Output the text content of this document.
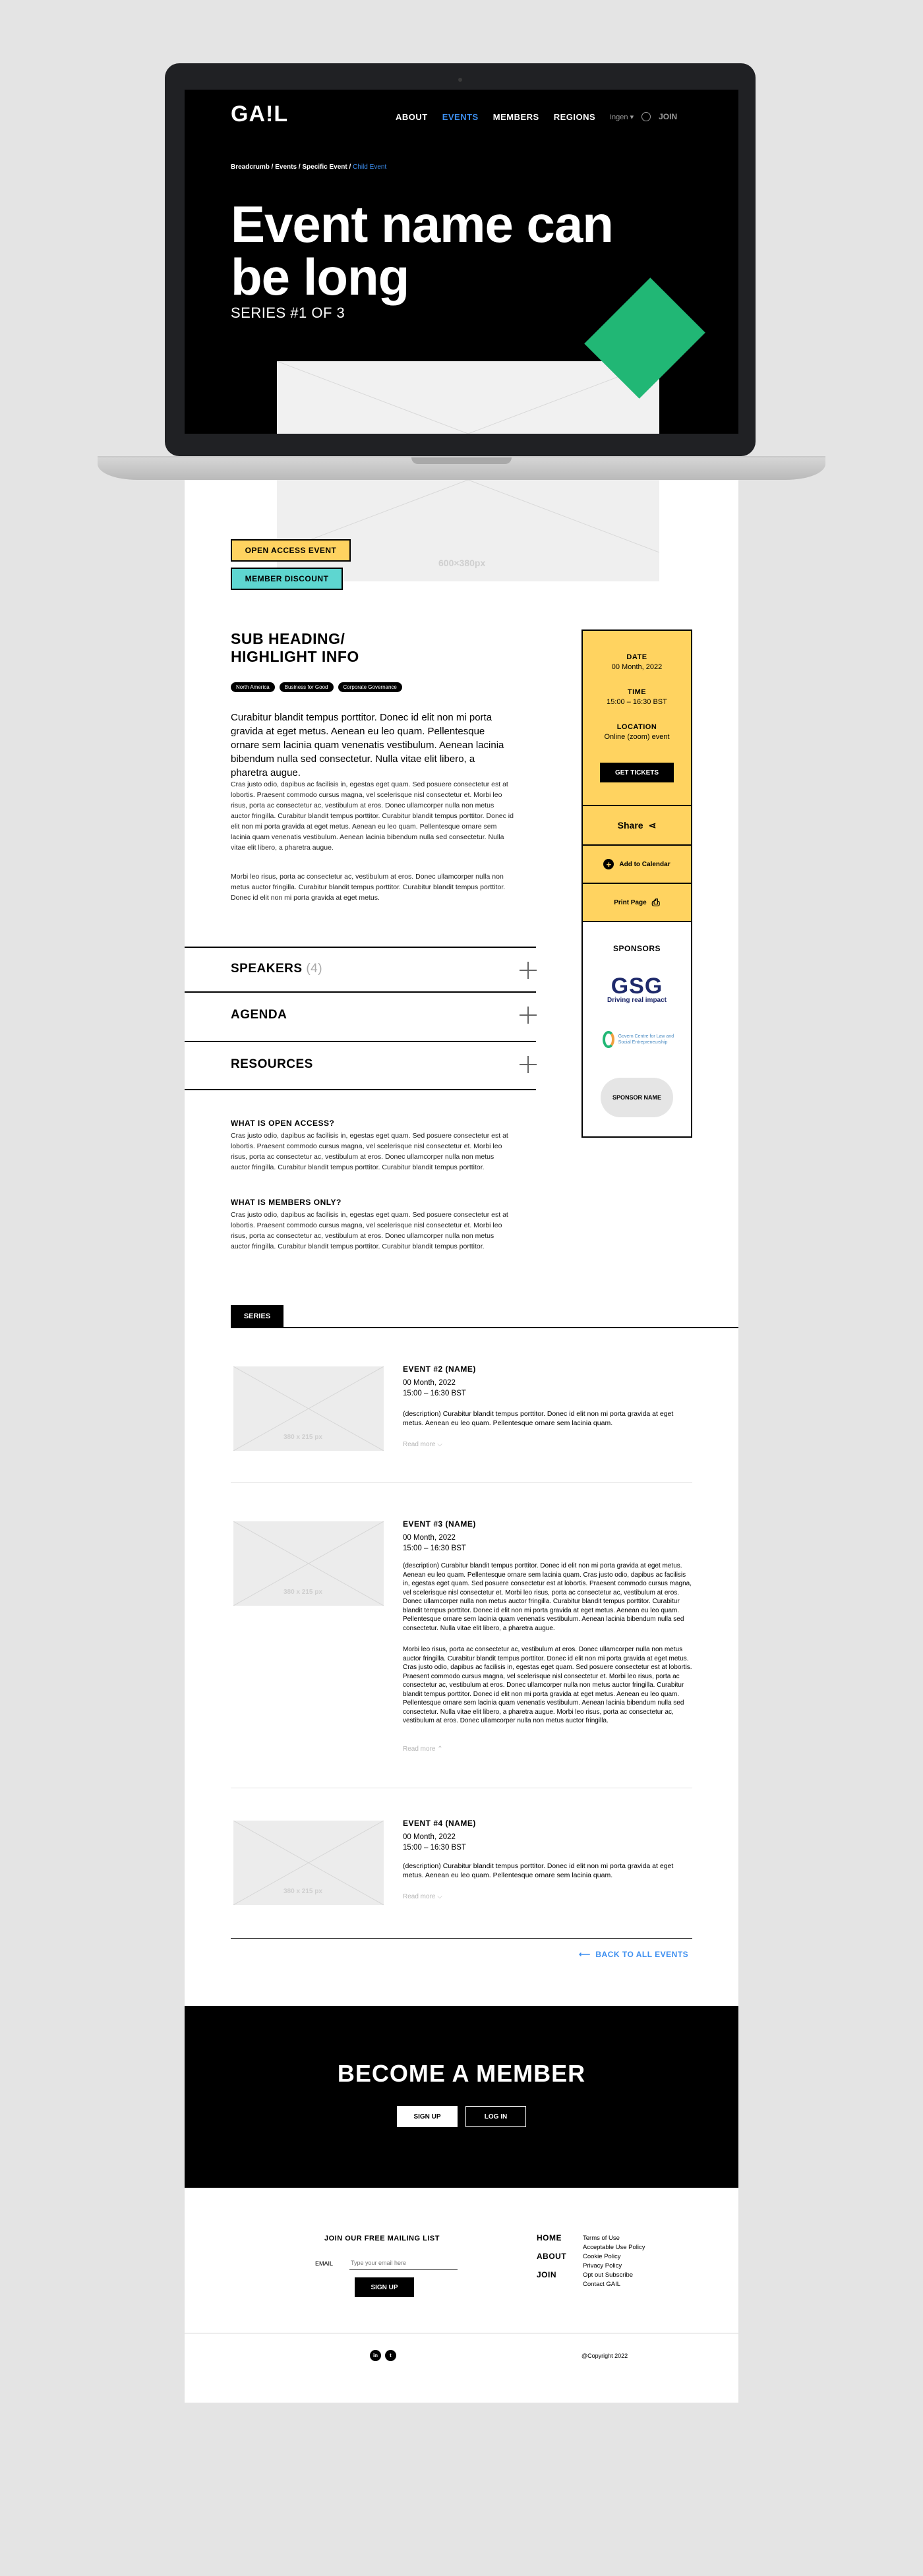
GA!L	ABOUT EVENTS MEMBERS REGIONS Ingen ▾	JOIN
Breadcrumb / Events / Specific Event / Child Event
Event name can be long
SERIES #1 OF 3
600×380px
OPEN ACCESS EVENT
MEMBER DISCOUNT
SUB HEADING/ HIGHLIGHT INFO
North America	Business for Good	Corporate Governance
Curabitur blandit tempus porttitor. Donec id elit non mi porta gravida at eget metus. Aenean eu leo quam. Pellentesque ornare sem lacinia quam venenatis vestibulum. Aenean lacinia bibendum nulla sed consectetur. Nulla vitae elit libero, a pharetra augue.
Cras justo odio, dapibus ac facilisis in, egestas eget quam. Sed posuere consectetur est at lobortis. Praesent commodo cursus magna, vel scelerisque nisl consectetur et. Morbi leo risus, porta ac consectetur ac, vestibulum at eros. Donec ullamcorper nulla non metus auctor fringilla. Curabitur blandit tempus porttitor. Curabitur blandit tempus porttitor. Donec id elit non mi porta gravida at eget metus. Aenean eu leo quam. Pellentesque ornare sem lacinia quam venenatis vestibulum. Aenean lacinia bibendum nulla sed consectetur. Nulla vitae elit libero, a pharetra augue.
Morbi leo risus, porta ac consectetur ac, vestibulum at eros. Donec ullamcorper nulla non metus auctor fringilla. Curabitur blandit tempus porttitor. Curabitur blandit tempus porttitor. Donec id elit non mi porta gravida at eget metus.
DATE
00 Month, 2022
TIME
15:00 – 16:30 BST
LOCATION
Online (zoom) event
GET TICKETS
Share ⋖
+	Add to Calendar
Print Page ⎙
SPONSORS
GSG
Driving real impact
Govern Centre for Law and Social Entrepreneurship
SPONSOR NAME
SPEAKERS (4)
AGENDA
RESOURCES
WHAT IS OPEN ACCESS?
Cras justo odio, dapibus ac facilisis in, egestas eget quam. Sed posuere consectetur est at lobortis. Praesent commodo cursus magna, vel scelerisque nisl consectetur et. Morbi leo risus, porta ac consectetur ac, vestibulum at eros. Donec ullamcorper nulla non metus auctor fringilla. Curabitur blandit tempus porttitor. Curabitur blandit tempus porttitor.
WHAT IS MEMBERS ONLY?
Cras justo odio, dapibus ac facilisis in, egestas eget quam. Sed posuere consectetur est at lobortis. Praesent commodo cursus magna, vel scelerisque nisl consectetur et. Morbi leo risus, porta ac consectetur ac, vestibulum at eros. Donec ullamcorper nulla non metus auctor fringilla. Curabitur blandit tempus porttitor. Curabitur blandit tempus porttitor.
SERIES
380 x 215 px
EVENT #2 (NAME)
00 Month, 2022
15:00 – 16:30 BST
(description) Curabitur blandit tempus porttitor. Donec id elit non mi porta gravida at eget metus. Aenean eu leo quam. Pellentesque ornare sem lacinia quam.
Read more ⌵
380 x 215 px
EVENT #3 (NAME)
00 Month, 2022
15:00 – 16:30 BST
(description) Curabitur blandit tempus porttitor. Donec id elit non mi porta gravida at eget metus. Aenean eu leo quam. Pellentesque ornare sem lacinia quam. Cras justo odio, dapibus ac facilisis in, egestas eget quam. Sed posuere consectetur est at lobortis. Praesent commodo cursus magna, vel scelerisque nisl consectetur et. Morbi leo risus, porta ac consectetur ac, vestibulum at eros. Donec ullamcorper nulla non metus auctor fringilla. Curabitur blandit tempus porttitor. Curabitur blandit tempus porttitor. Donec id elit non mi porta gravida at eget metus. Aenean eu leo quam. Pellentesque ornare sem lacinia quam venenatis vestibulum. Aenean lacinia bibendum nulla sed consectetur. Nulla vitae elit libero, a pharetra augue.
Morbi leo risus, porta ac consectetur ac, vestibulum at eros. Donec ullamcorper nulla non metus auctor fringilla. Curabitur blandit tempus porttitor. Donec id elit non mi porta gravida at eget metus. Cras justo odio, dapibus ac facilisis in, egestas eget quam. Sed posuere consectetur est at lobortis. Praesent commodo cursus magna, vel scelerisque nisl consectetur et. Morbi leo risus, porta ac consectetur ac, vestibulum at eros. Donec ullamcorper nulla non metus auctor fringilla. Curabitur blandit tempus porttitor. Donec id elit non mi porta gravida at eget metus. Aenean eu leo quam. Pellentesque ornare sem lacinia quam venenatis vestibulum. Aenean lacinia bibendum nulla sed consectetur. Nulla vitae elit libero, a pharetra augue. Morbi leo risus, porta ac consectetur ac, vestibulum at eros. Donec ullamcorper nulla non metus auctor fringilla.
Read more ⌃
380 x 215 px
EVENT #4 (NAME)
00 Month, 2022
15:00 – 16:30 BST
(description) Curabitur blandit tempus porttitor. Donec id elit non mi porta gravida at eget metus. Aenean eu leo quam. Pellentesque ornare sem lacinia quam.
Read more ⌵
⟵ BACK TO ALL EVENTS
BECOME A MEMBER
SIGN UP	LOG IN
JOIN OUR FREE MAILING LIST
EMAIL
Type your email here
SIGN UP
HOME
ABOUT
JOIN
Terms of Use
Acceptable Use Policy
Cookie Policy
Privacy Policy
Opt out Subscribe
Contact GAIL
in	t	@Copyright 2022
